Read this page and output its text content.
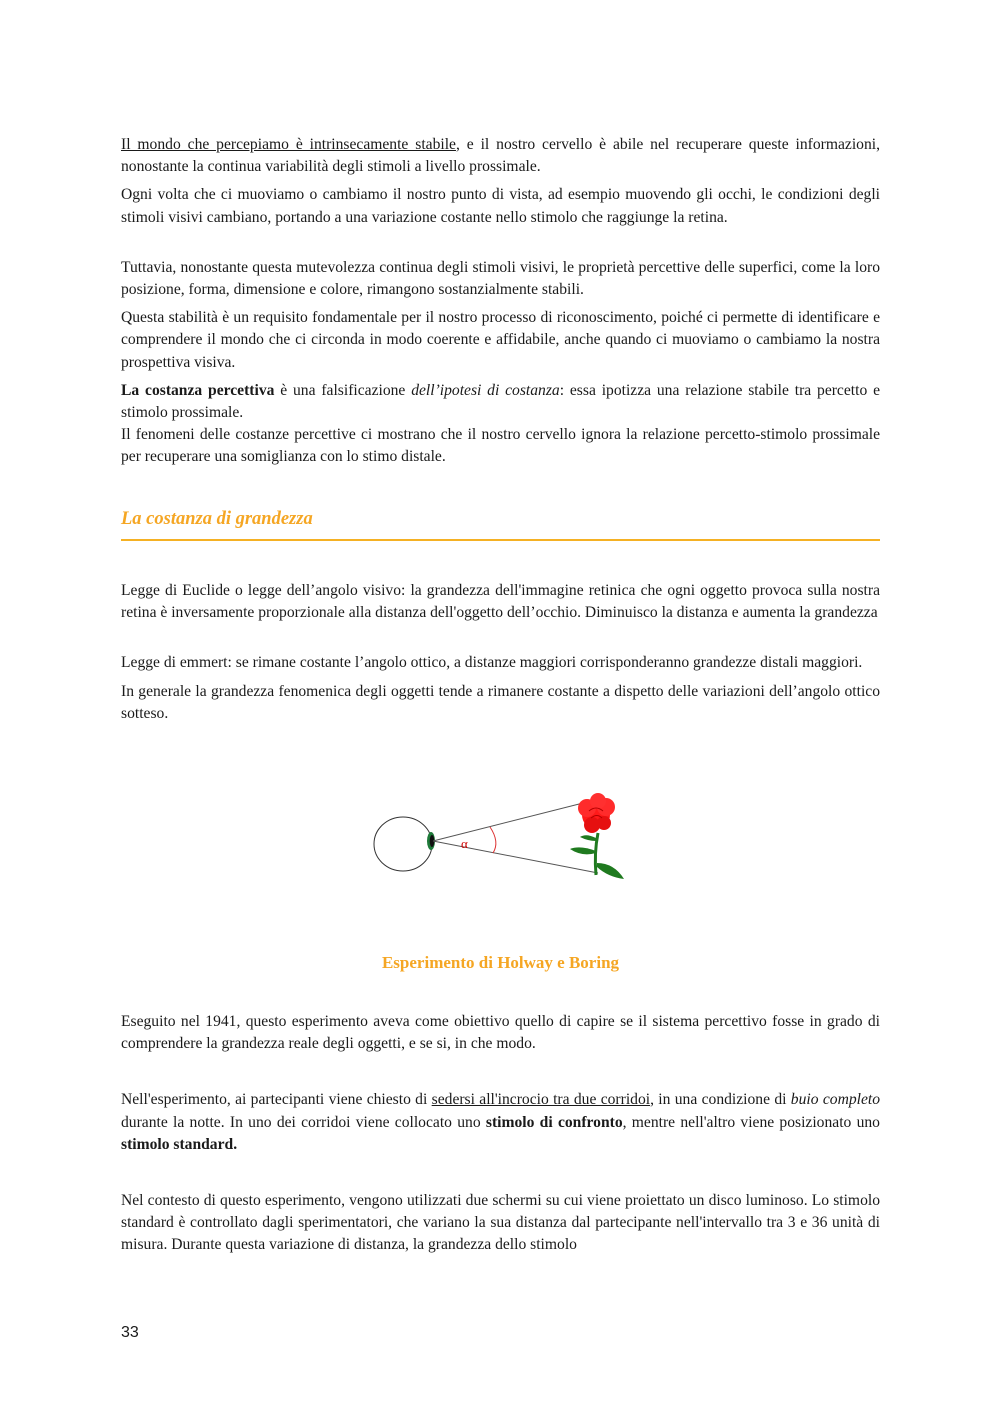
Il mondo che percepiamo è intrinsecamente stabile, e il nostro cervello è abile nel recuperare queste informazioni, nonostante la continua variabilità degli stimoli a livello prossimale.

Ogni volta che ci muoviamo o cambiamo il nostro punto di vista, ad esempio muovendo gli occhi, le condizioni degli stimoli visivi cambiano, portando a una variazione costante nello stimolo che raggiunge la retina.

Tuttavia, nonostante questa mutevolezza continua degli stimoli visivi, le proprietà percettive delle superfici, come la loro posizione, forma, dimensione e colore, rimangono sostanzialmente stabili.

Questa stabilità è un requisito fondamentale per il nostro processo di riconoscimento, poiché ci permette di identificare e comprendere il mondo che ci circonda in modo coerente e affidabile, anche quando ci muoviamo o cambiamo la nostra prospettiva visiva.

La costanza percettiva è una falsificazione dell’ipotesi di costanza: essa ipotizza una relazione stabile tra percetto e stimolo prossimale.

Il fenomeni delle costanze percettive ci mostrano che il nostro cervello ignora la relazione percetto-stimolo prossimale per recuperare una somiglianza con lo stimo distale.

La costanza di grandezza

Legge di Euclide o legge dell’angolo visivo: la grandezza dell'immagine retinica che ogni oggetto provoca sulla nostra retina è inversamente proporzionale alla distanza dell'oggetto dell’occhio. Diminuisco la distanza e aumenta la grandezza

Legge di emmert: se rimane costante l’angolo ottico, a distanze maggiori corrisponderanno grandezze distali maggiori.

In generale la grandezza fenomenica degli oggetti tende a rimanere costante a dispetto delle variazioni dell’angolo ottico sotteso.

α
Esperimento di Holway e Boring

Eseguito nel 1941, questo esperimento aveva come obiettivo quello di capire se il sistema percettivo fosse in grado di comprendere la grandezza reale degli oggetti, e se si, in che modo.

Nell'esperimento, ai partecipanti viene chiesto di sedersi all'incrocio tra due corridoi, in una condizione di buio completo durante la notte. In uno dei corridoi viene collocato uno stimolo di confronto, mentre nell'altro viene posizionato uno stimolo standard.

Nel contesto di questo esperimento, vengono utilizzati due schermi su cui viene proiettato un disco luminoso. Lo stimolo standard è controllato dagli sperimentatori, che variano la sua distanza dal partecipante nell'intervallo tra 3 e 36 unità di misura. Durante questa variazione di distanza, la grandezza dello stimolo

33
